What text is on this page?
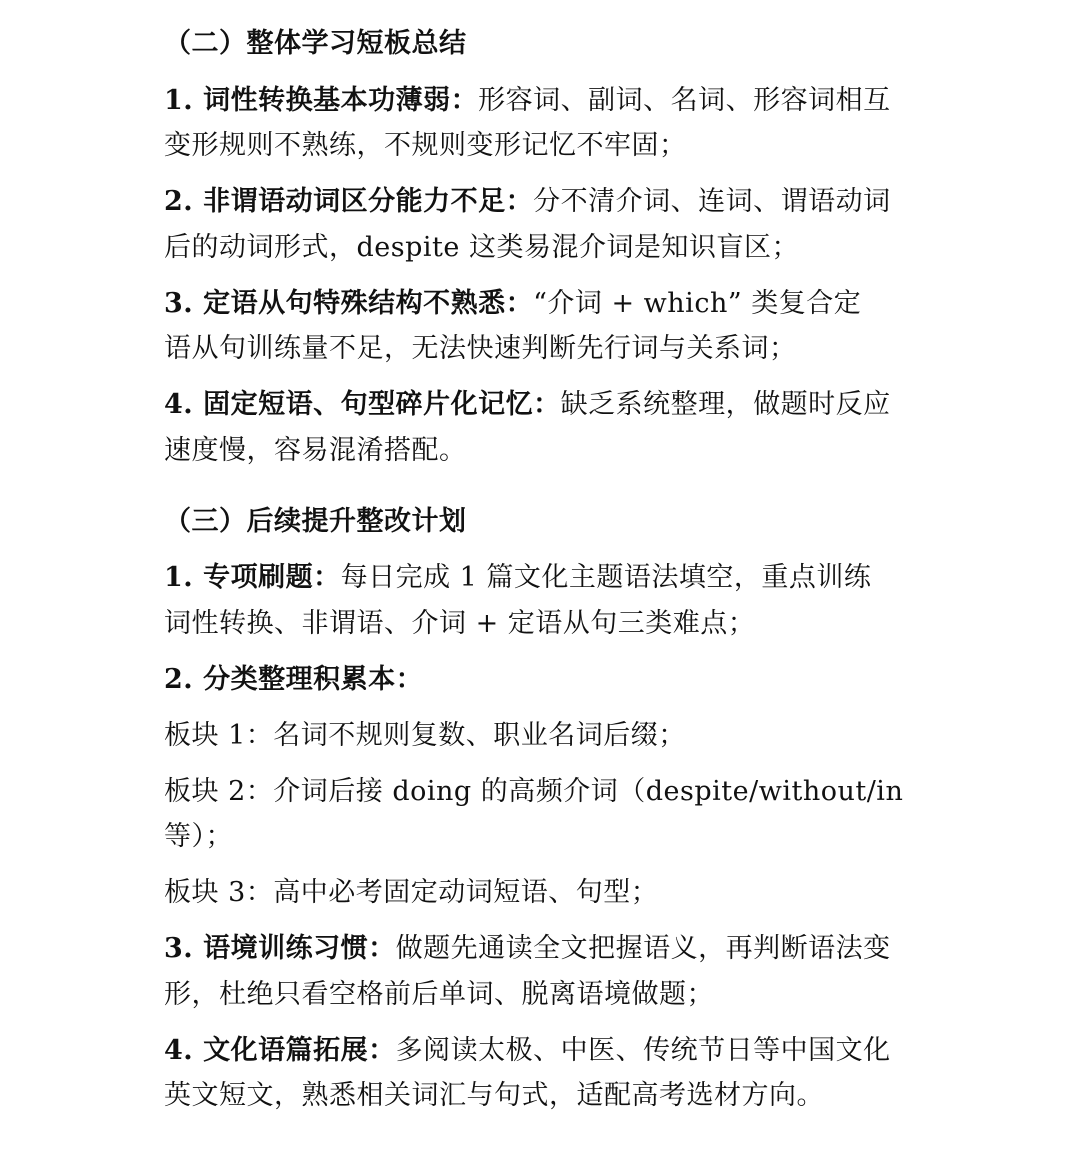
（二）整体学习短板总结
1. 词性转换基本功薄弱：形容词、副词、名词、形容词相互
变形规则不熟练，不规则变形记忆不牢固；
2. 非谓语动词区分能力不足：分不清介词、连词、谓语动词
后的动词形式，despite 这类易混介词是知识盲区；
3. 定语从句特殊结构不熟悉：“介词 + which” 类复合定
语从句训练量不足，无法快速判断先行词与关系词；
4. 固定短语、句型碎片化记忆：缺乏系统整理，做题时反应
速度慢，容易混淆搭配。
（三）后续提升整改计划
1. 专项刷题：每日完成 1 篇文化主题语法填空，重点训练
词性转换、非谓语、介词 + 定语从句三类难点；
2. 分类整理积累本：
板块 1：名词不规则复数、职业名词后缀；
板块 2：介词后接 doing 的高频介词（despite/without/in
等）；
板块 3：高中必考固定动词短语、句型；
3. 语境训练习惯：做题先通读全文把握语义，再判断语法变
形，杜绝只看空格前后单词、脱离语境做题；
4. 文化语篇拓展：多阅读太极、中医、传统节日等中国文化
英文短文，熟悉相关词汇与句式，适配高考选材方向。
